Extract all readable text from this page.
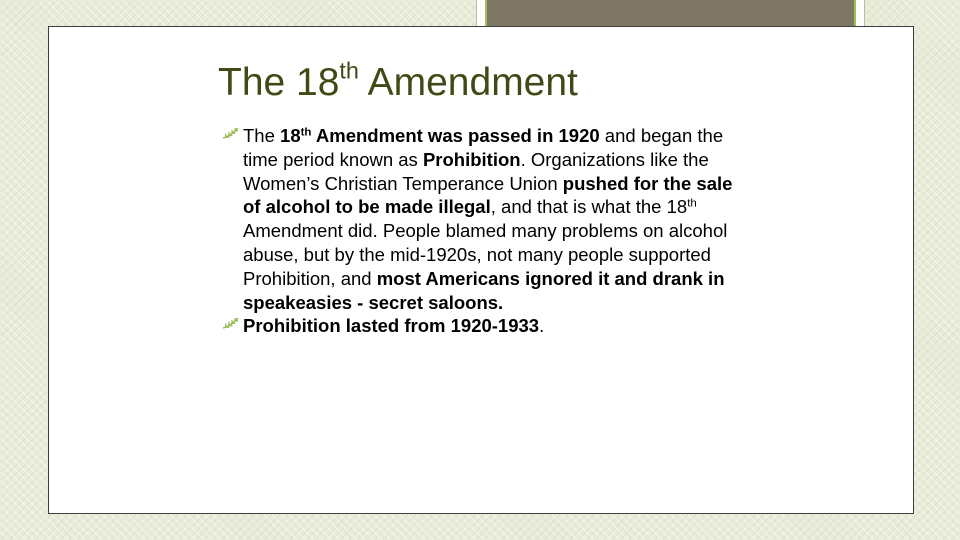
The 18th Amendment
The 18th Amendment was passed in 1920 and began the time period known as Prohibition. Organizations like the Women’s Christian Temperance Union pushed for the sale of alcohol to be made illegal, and that is what the 18th Amendment did. People blamed many problems on alcohol abuse, but by the mid-1920s, not many people supported Prohibition, and most Americans ignored it and drank in speakeasies - secret saloons.
Prohibition lasted from 1920-1933.
